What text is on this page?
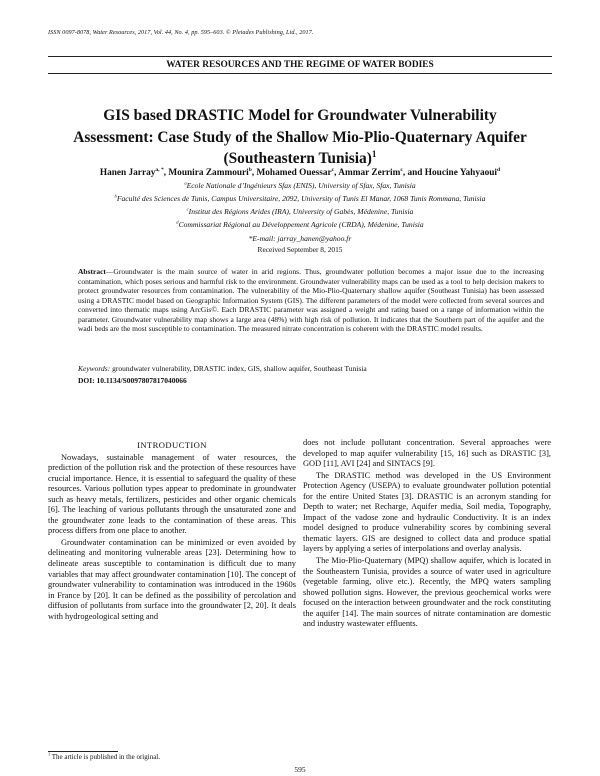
ISSN 0097-8078, Water Resources, 2017, Vol. 44, No. 4, pp. 595–603. © Pleiades Publishing, Ltd., 2017.
WATER RESOURCES AND THE REGIME OF WATER BODIES
GIS based DRASTIC Model for Groundwater Vulnerability
Assessment: Case Study of the Shallow Mio-Plio-Quaternary Aquifer
(Southeastern Tunisia)$^1$
Hanen Jarray$^{a, *}$, Mounira Zammouri$^b$, Mohamed Ouessar$^c$, Ammar Zerrim$^c$, and Houcine Yahyaoui$^d$
$^a$Ecole Nationale d’Ingénieurs Sfax (ENIS), University of Sfax, Sfax, Tunisia
$^b$Faculté des Sciences de Tunis, Campus Universitaire, 2092, University of Tunis El Manar, 1068 Tunis Rommana, Tunisia
$^c$Institut des Régions Arides (IRA), University of Gabès, Médenine, Tunisia
$^d$Commissariat Régional au Développement Agricole (CRDA), Médenine, Tunisia
*E-mail: jarray_hanen@yahoo.fr
Received September 8, 2015
Abstract—Groundwater is the main source of water in arid regions. Thus, groundwater pollution becomes a major issue due to the increasing contamination, which poses serious and harmful risk to the environment. Groundwater vulnerability maps can be used as a tool to help decision makers to protect groundwater resources from contamination. The vulnerability of the Mio-Plio-Quaternary shallow aquifer (Southeast Tunisia) has been assessed using a DRASTIC model based on Geographic Information System (GIS). The different parameters of the model were collected from several sources and converted into thematic maps using ArcGis©. Each DRASTIC parameter was assigned a weight and rating based on a range of information within the parameter. Groundwater vulnerability map shows a large area (48%) with high risk of pollution. It indicates that the Southern part of the aquifer and the wadi beds are the most susceptible to contamination. The measured nitrate concentration is coherent with the DRASTIC model results.
Keywords: groundwater vulnerability, DRASTIC index, GIS, shallow aquifer, Southeast Tunisia
DOI: 10.1134/S0097807817040066
INTRODUCTION

Nowadays, sustainable management of water resources, the prediction of the pollution risk and the protection of these resources have crucial importance. Hence, it is essential to safeguard the quality of these resources. Various pollution types appear to predominate in groundwater such as heavy metals, fertilizers, pesticides and other organic chemicals [6]. The leaching of various pollutants through the unsaturated zone and the groundwater zone leads to the contamination of these areas. This process differs from one place to another.

Groundwater contamination can be minimized or even avoided by delineating and monitoring vulnerable areas [23]. Determining how to delineate areas susceptible to contamination is difficult due to many variables that may affect groundwater contamination [10]. The concept of groundwater vulnerability to contamination was introduced in the 1960s in France by [20]. It can be defined as the possibility of percolation and diffusion of pollutants from surface into the groundwater [2, 20]. It deals with hydrogeological setting and

does not include pollutant concentration. Several approaches were developed to map aquifer vulnerability [15, 16] such as DRASTIC [3], GOD [11], AVI [24] and SINTACS [9].

The DRASTIC method was developed in the US Environment Protection Agency (USEPA) to evaluate groundwater pollution potential for the entire United States [3]. DRASTIC is an acronym standing for Depth to water; net Recharge, Aquifer media, Soil media, Topography, Impact of the vadose zone and hydraulic Conductivity. It is an index model designed to produce vulnerability scores by combining several thematic layers. GIS are designed to collect data and produce spatial layers by applying a series of interpolations and overlay analysis.

The Mio-Plio-Quaternary (MPQ) shallow aquifer, which is located in the Southeastern Tunisia, provides a source of water used in agriculture (vegetable farming, olive etc.). Recently, the MPQ waters sampling showed pollution signs. However, the previous geochemical works were focused on the interaction between groundwater and the rock constituting the aquifer [14]. The main sources of nitrate contamination are domestic and industry wastewater effluents.

$^1$ The article is published in the original.
595
